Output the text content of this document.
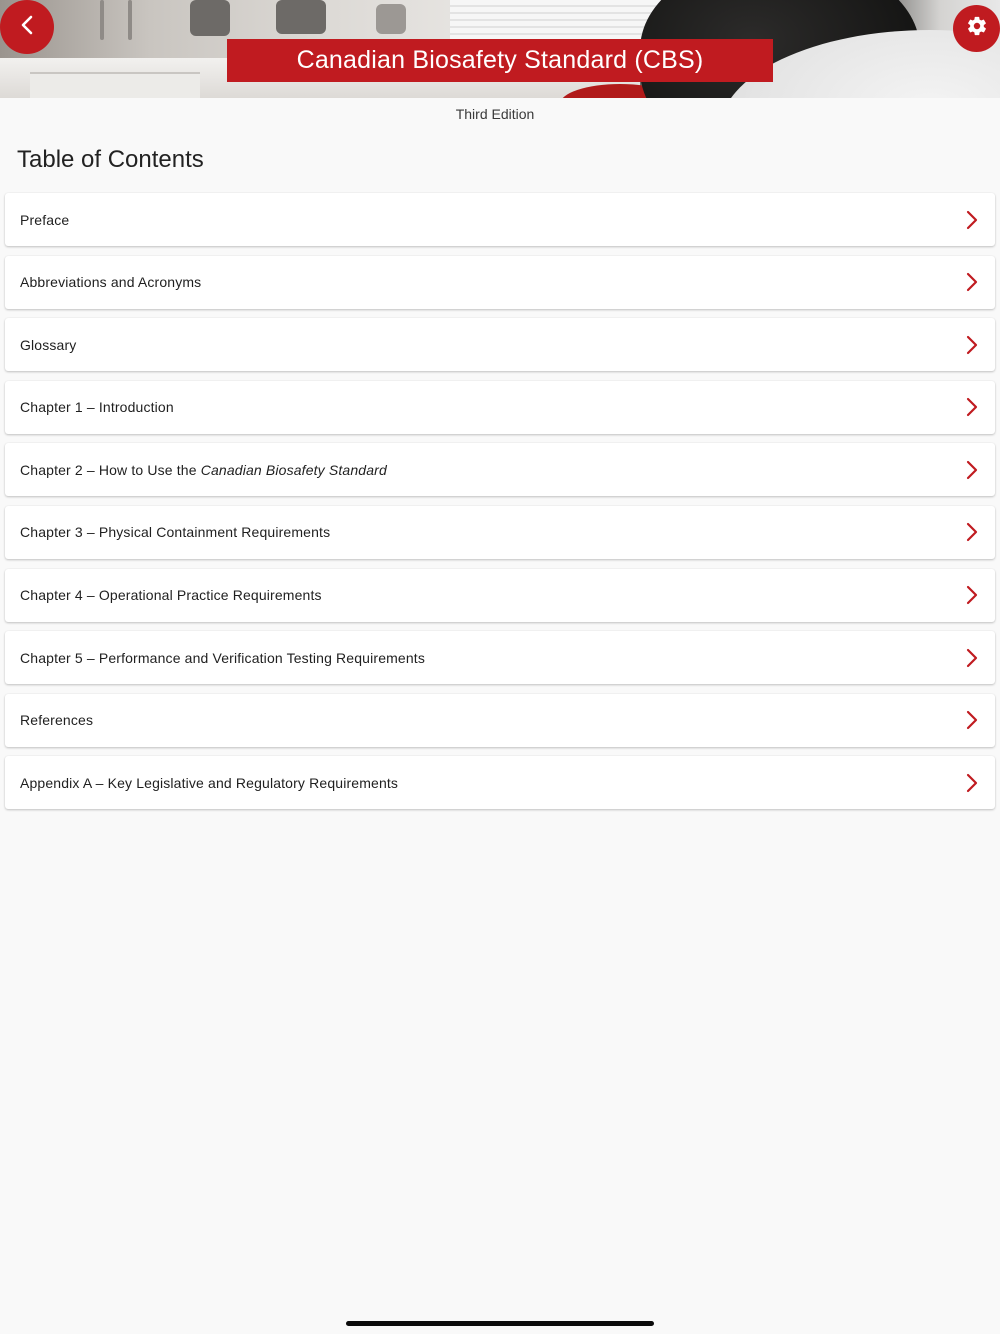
Canadian Biosafety Standard (CBS)
Third Edition
Table of Contents
Preface
Abbreviations and Acronyms
Glossary
Chapter 1 – Introduction
Chapter 2 – How to Use the Canadian Biosafety Standard
Chapter 3 – Physical Containment Requirements
Chapter 4 – Operational Practice Requirements
Chapter 5 – Performance and Verification Testing Requirements
References
Appendix A – Key Legislative and Regulatory Requirements
